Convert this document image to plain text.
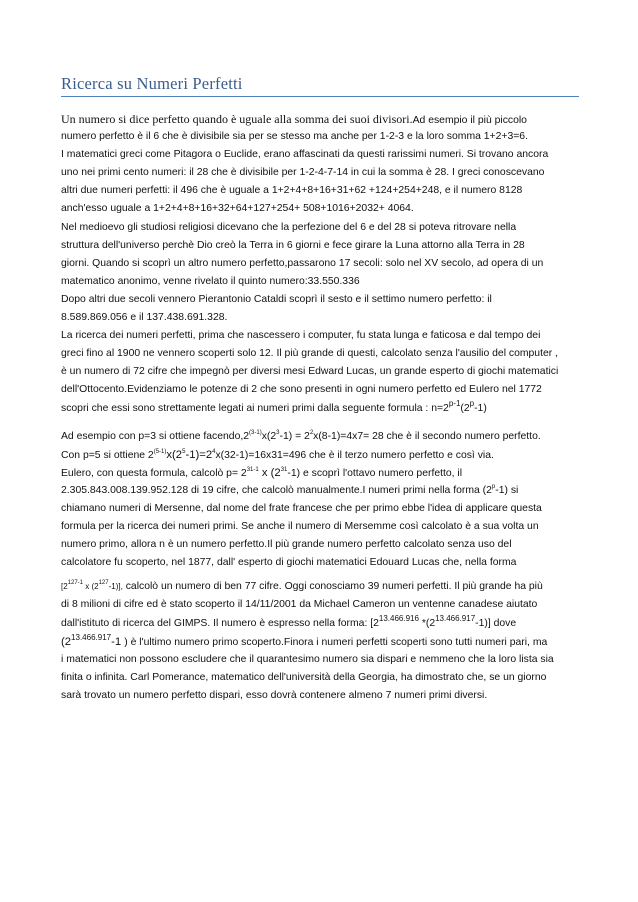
Ricerca su Numeri Perfetti
Un numero si dice perfetto quando è uguale alla somma dei suoi divisori.Ad esempio il più piccolo
numero perfetto è il 6 che è divisibile sia per se stesso ma anche per 1-2-3 e la loro somma 1+2+3=6.
I matematici greci come Pitagora o Euclide, erano affascinati da questi rarissimi numeri. Si trovano ancora
uno nei primi cento numeri: il 28 che è divisibile per 1-2-4-7-14 in cui la somma è 28. I greci conoscevano
altri due numeri perfetti: il 496 che è uguale a 1+2+4+8+16+31+62 +124+254+248, e il numero 8128
anch'esso uguale a 1+2+4+8+16+32+64+127+254+ 508+1016+2032+ 4064.
Nel medioevo gli studiosi religiosi dicevano che la perfezione del 6 e del 28 si poteva ritrovare nella
struttura dell'universo perchè Dio creò la Terra in 6 giorni e fece girare la Luna attorno alla Terra in 28
giorni. Quando si scoprì un altro numero perfetto,passarono 17 secoli: solo nel XV secolo, ad opera di un
matematico anonimo, venne rivelato il quinto numero:33.550.336
Dopo altri due secoli vennero Pierantonio Cataldi scoprì il sesto e il settimo numero perfetto: il
8.589.869.056 e il 137.438.691.328.
La ricerca dei numeri perfetti, prima che nascessero i computer, fu stata lunga e faticosa e dal tempo dei
greci fino al 1900 ne vennero scoperti solo 12. Il più grande di questi, calcolato senza l'ausilio del computer ,
è un numero di 72 cifre che impegnò per diversi mesi Edward Lucas, un grande esperto di giochi matematici
dell'Ottocento.Evidenziamo le potenze di 2 che sono presenti in ogni numero perfetto ed Eulero nel 1772
scopri che essi sono strettamente legati ai numeri primi dalla seguente formula : $n=2^{p-1}(2^p-1)$
Ad esempio con p=3 si ottiene $facendo,2^{(3-1)}x(2^3-1) = 2^2x(8-1)=4x7= 28$ che è il secondo numero perfetto.
Con p=5 si ottiene $2^{(5-1)}x(2^5-1)=2^4x(32-1)=16x31=496$ che è il terzo numero perfetto e così via.
Eulero, con questa formula, calcolò $p= 2^{31-1}$ x $(2^{31}-1)$ e scoprì l'ottavo numero perfetto, il
2.305.843.008.139.952.128 di 19 cifre, che calcolò manualmente.I numeri primi nella forma (2$^p$-1) si
chiamano numeri di Mersenne, dal nome del frate francese che per primo ebbe l'idea di applicare questa
formula per la ricerca dei numeri primi. Se anche il numero di Mersemme così calcolato è a sua volta un
numero primo, allora n è un numero perfetto.Il più grande numero perfetto calcolato senza uso del
calcolatore fu scoperto, nel 1877, dall' esperto di giochi matematici Edouard Lucas che, nella forma
[2$^{127-1}$ x $(2^{127}-1)$], calcolò un numero di ben 77 cifre. Oggi conosciamo 39 numeri perfetti. Il più grande ha più
di 8 milioni di cifre ed è stato scoperto il 14/11/2001 da Michael Cameron un ventenne canadese aiutato
dall'istituto di ricerca del GIMPS. Il numero è espresso nella forma: [$2^{13.466.916}$ $*(2^{13.466.917}-1)$] dove
($2^{13.466.917}-1$ ) è l'ultimo numero primo scoperto.Finora i numeri perfetti scoperti sono tutti numeri pari, ma
i matematici non possono escludere che il quarantesimo numero sia dispari e nemmeno che la loro lista sia
finita o infinita. Carl Pomerance, matematico dell'università della Georgia, ha dimostrato che, se un giorno
sarà trovato un numero perfetto dispari, esso dovrà contenere almeno 7 numeri primi diversi.
